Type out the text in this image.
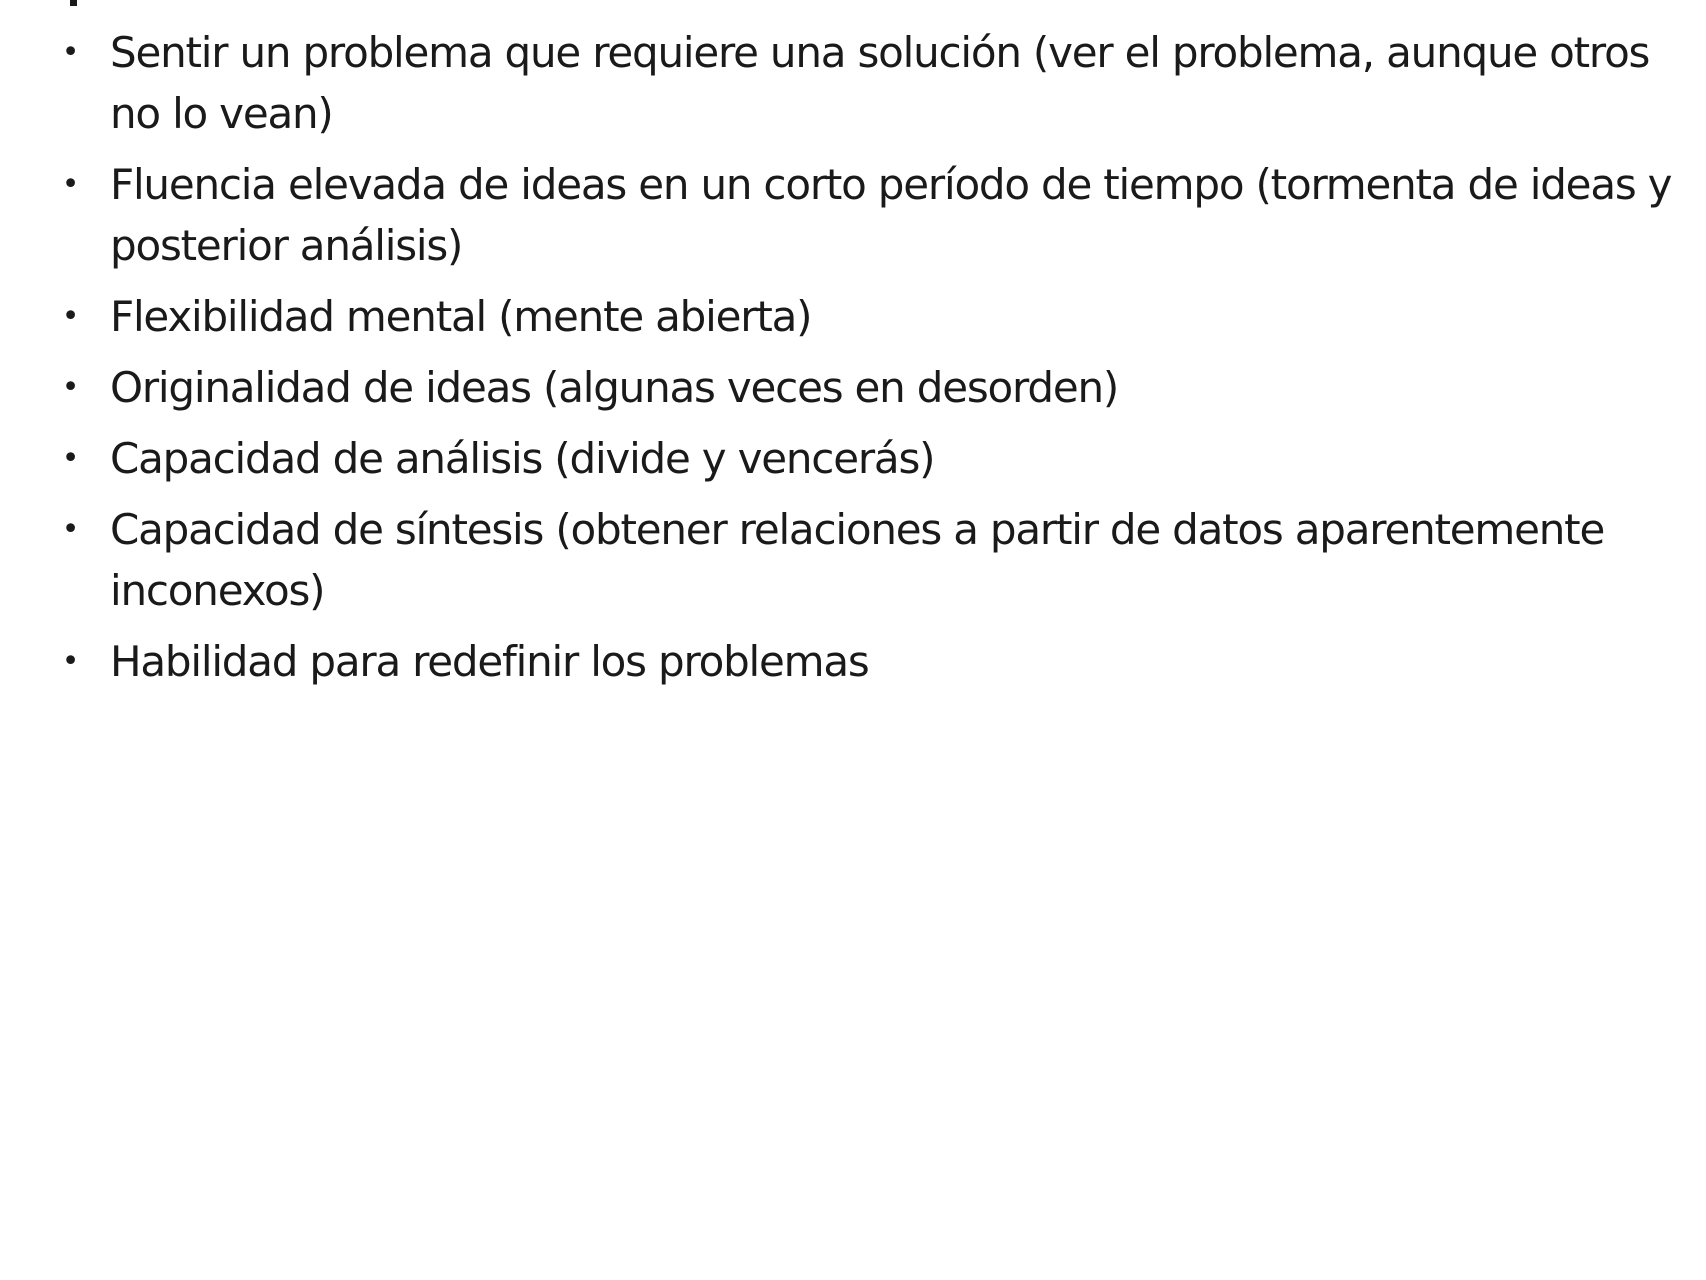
• Sentir un problema que requiere una solución (ver el problema, aunque otros no lo vean)
• Fluencia elevada de ideas en un corto período de tiempo (tormenta de ideas y posterior análisis)
• Flexibilidad mental (mente abierta)
• Originalidad de ideas (algunas veces en desorden)
• Capacidad de análisis (divide y vencerás)
• Capacidad de síntesis (obtener relaciones a partir de datos aparentemente inconexos)
• Habilidad para redefinir los problemas
